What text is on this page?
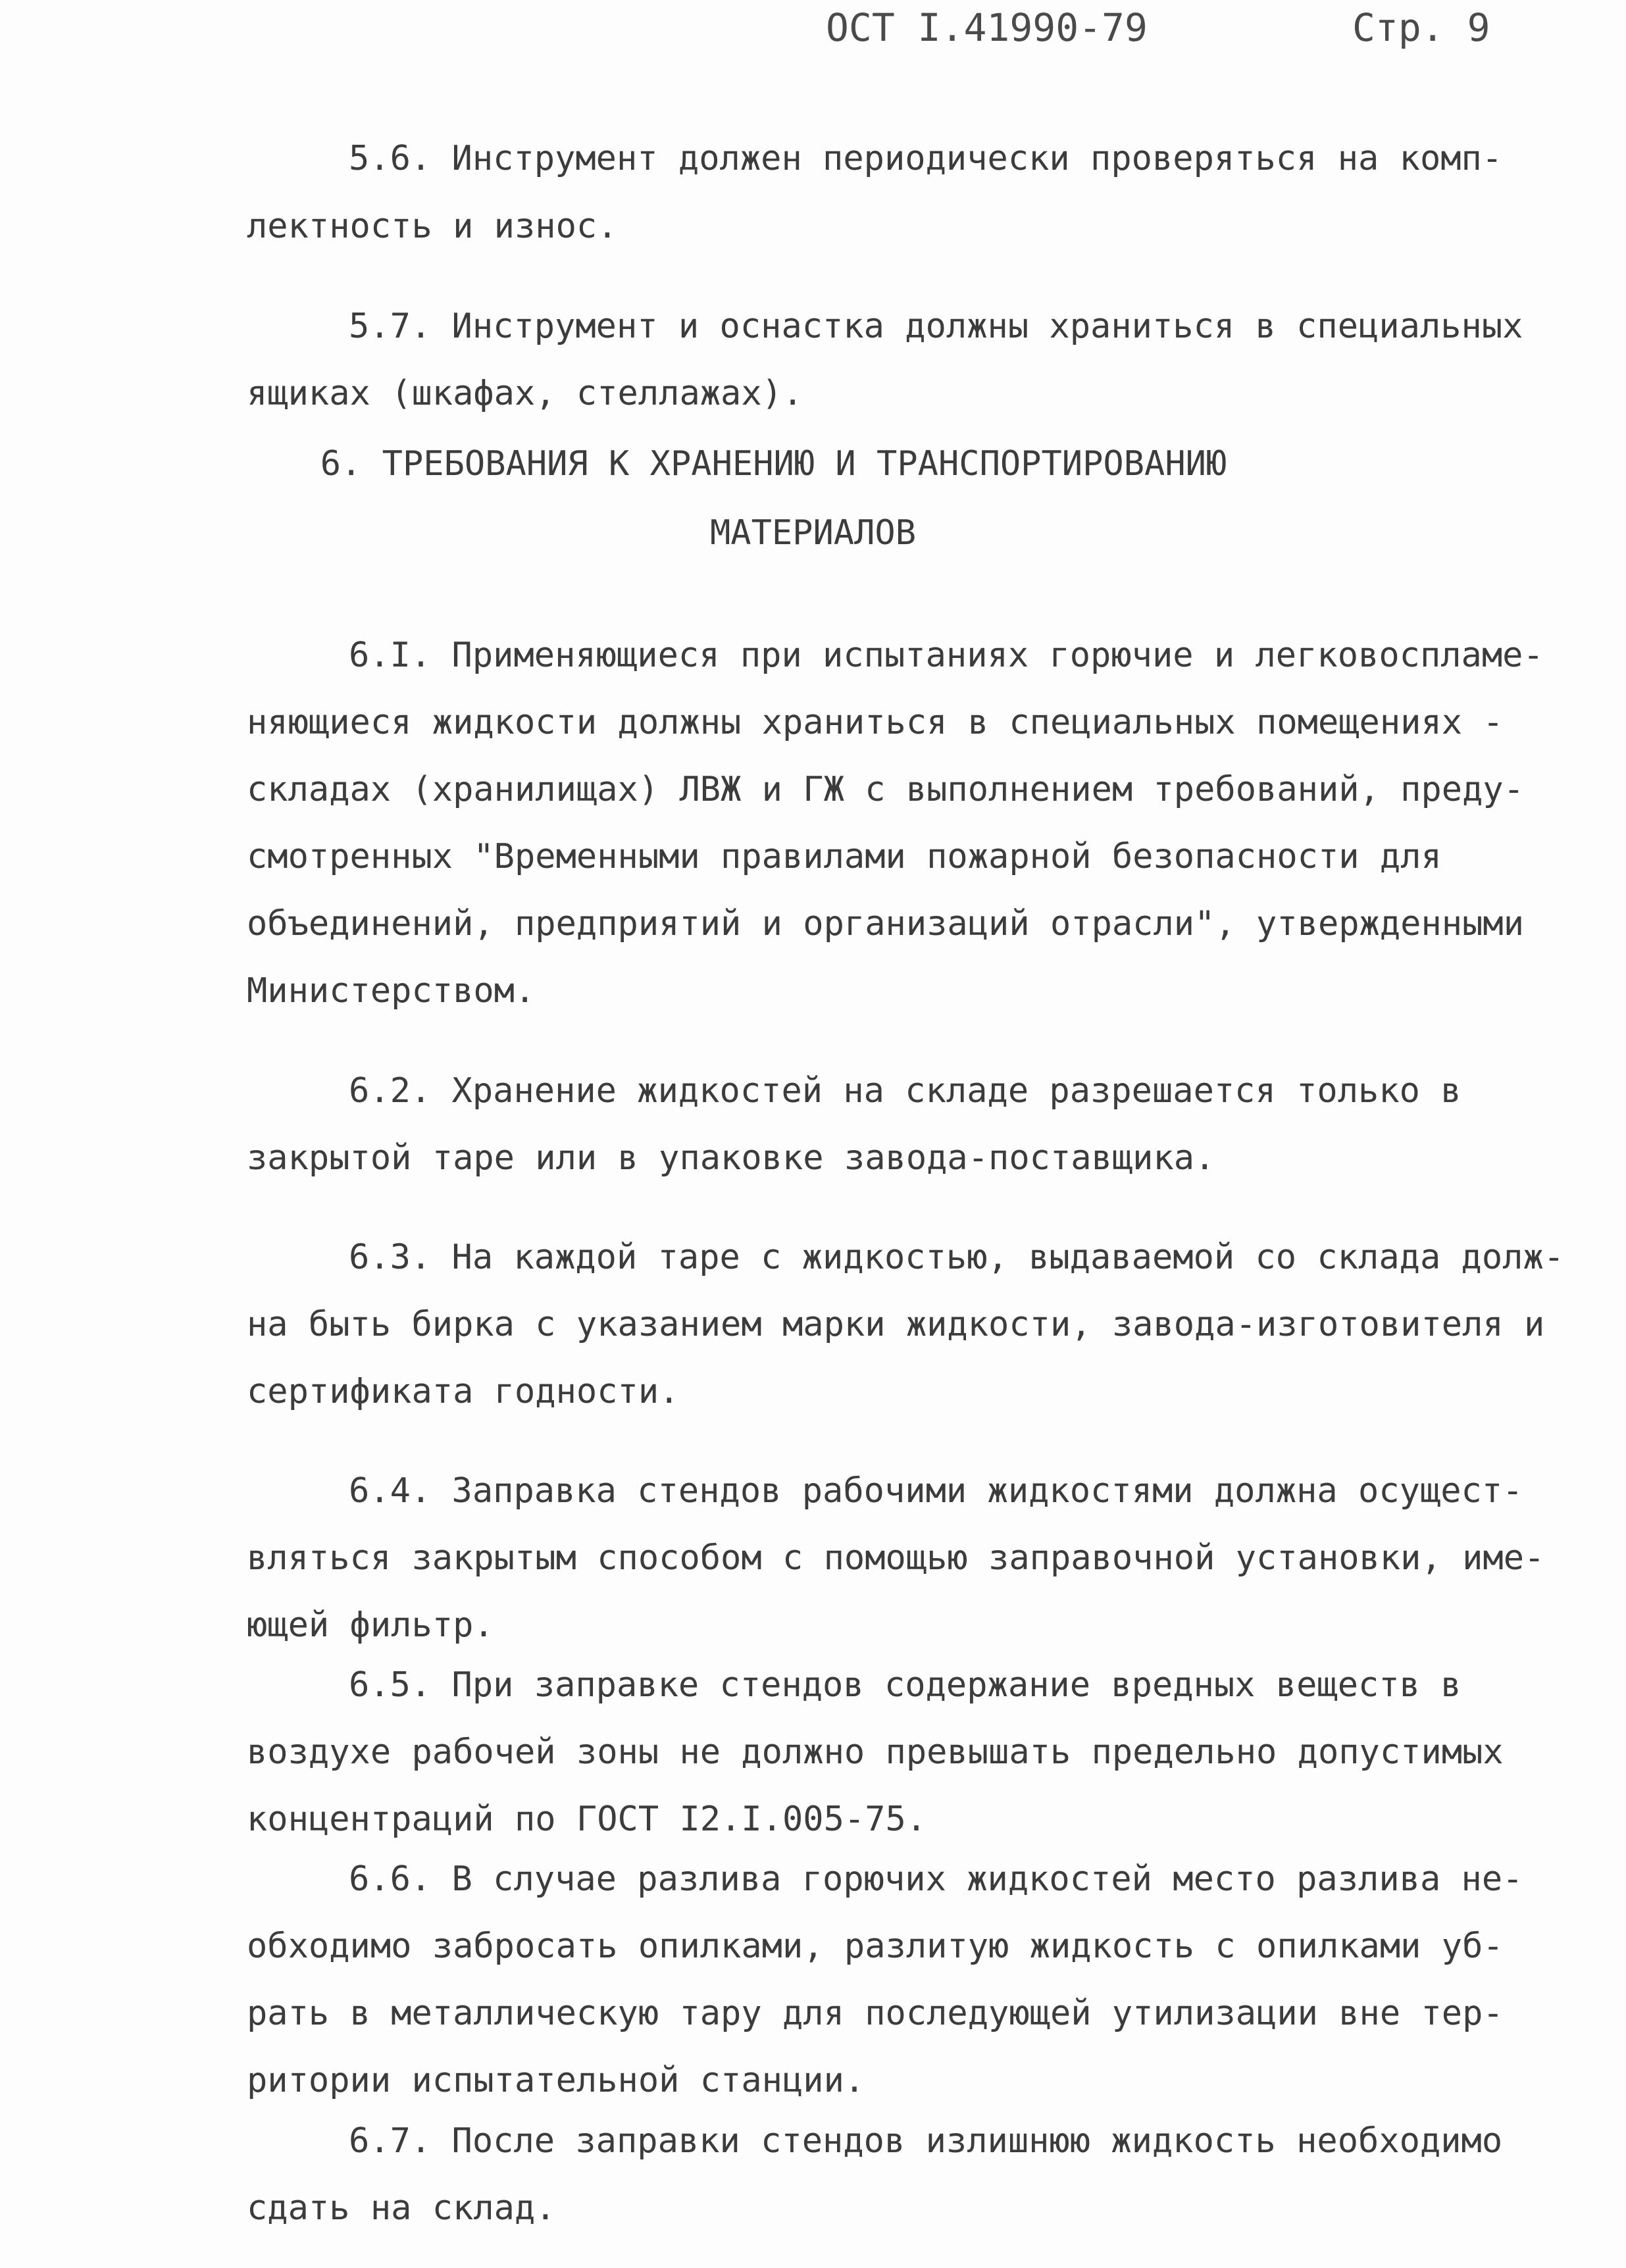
ОСТ I.41990-79	Стр. 9
5.6. Инструмент должен периодически проверяться на комп-
лектность и износ.
5.7. Инструмент и оснастка должны храниться в специальных
ящиках (шкафах, стеллажах).
6. ТРЕБОВАНИЯ К ХРАНЕНИЮ И ТРАНСПОРТИРОВАНИЮ
МАТЕРИАЛОВ
6.I. Применяющиеся при испытаниях горючие и легковоспламе-
няющиеся жидкости должны храниться в специальных помещениях -
складах (хранилищах) ЛВЖ и ГЖ с выполнением требований, преду-
смотренных "Временными правилами пожарной безопасности для
объединений, предприятий и организаций отрасли", утвержденными
Министерством.
6.2. Хранение жидкостей на складе разрешается только в
закрытой таре или в упаковке завода-поставщика.
6.3. На каждой таре с жидкостью, выдаваемой со склада долж-
на быть бирка с указанием марки жидкости, завода-изготовителя и
сертификата годности.
6.4. Заправка стендов рабочими жидкостями должна осущест-
вляться закрытым способом с помощью заправочной установки, име-
ющей фильтр.
6.5. При заправке стендов содержание вредных веществ в
воздухе рабочей зоны не должно превышать предельно допустимых
концентраций по ГОСТ I2.I.005-75.
6.6. В случае разлива горючих жидкостей место разлива не-
обходимо забросать опилками, разлитую жидкость с опилками уб-
рать в металлическую тару для последующей утилизации вне тер-
ритории испытательной станции.
6.7. После заправки стендов излишнюю жидкость необходимо
сдать на склад.
